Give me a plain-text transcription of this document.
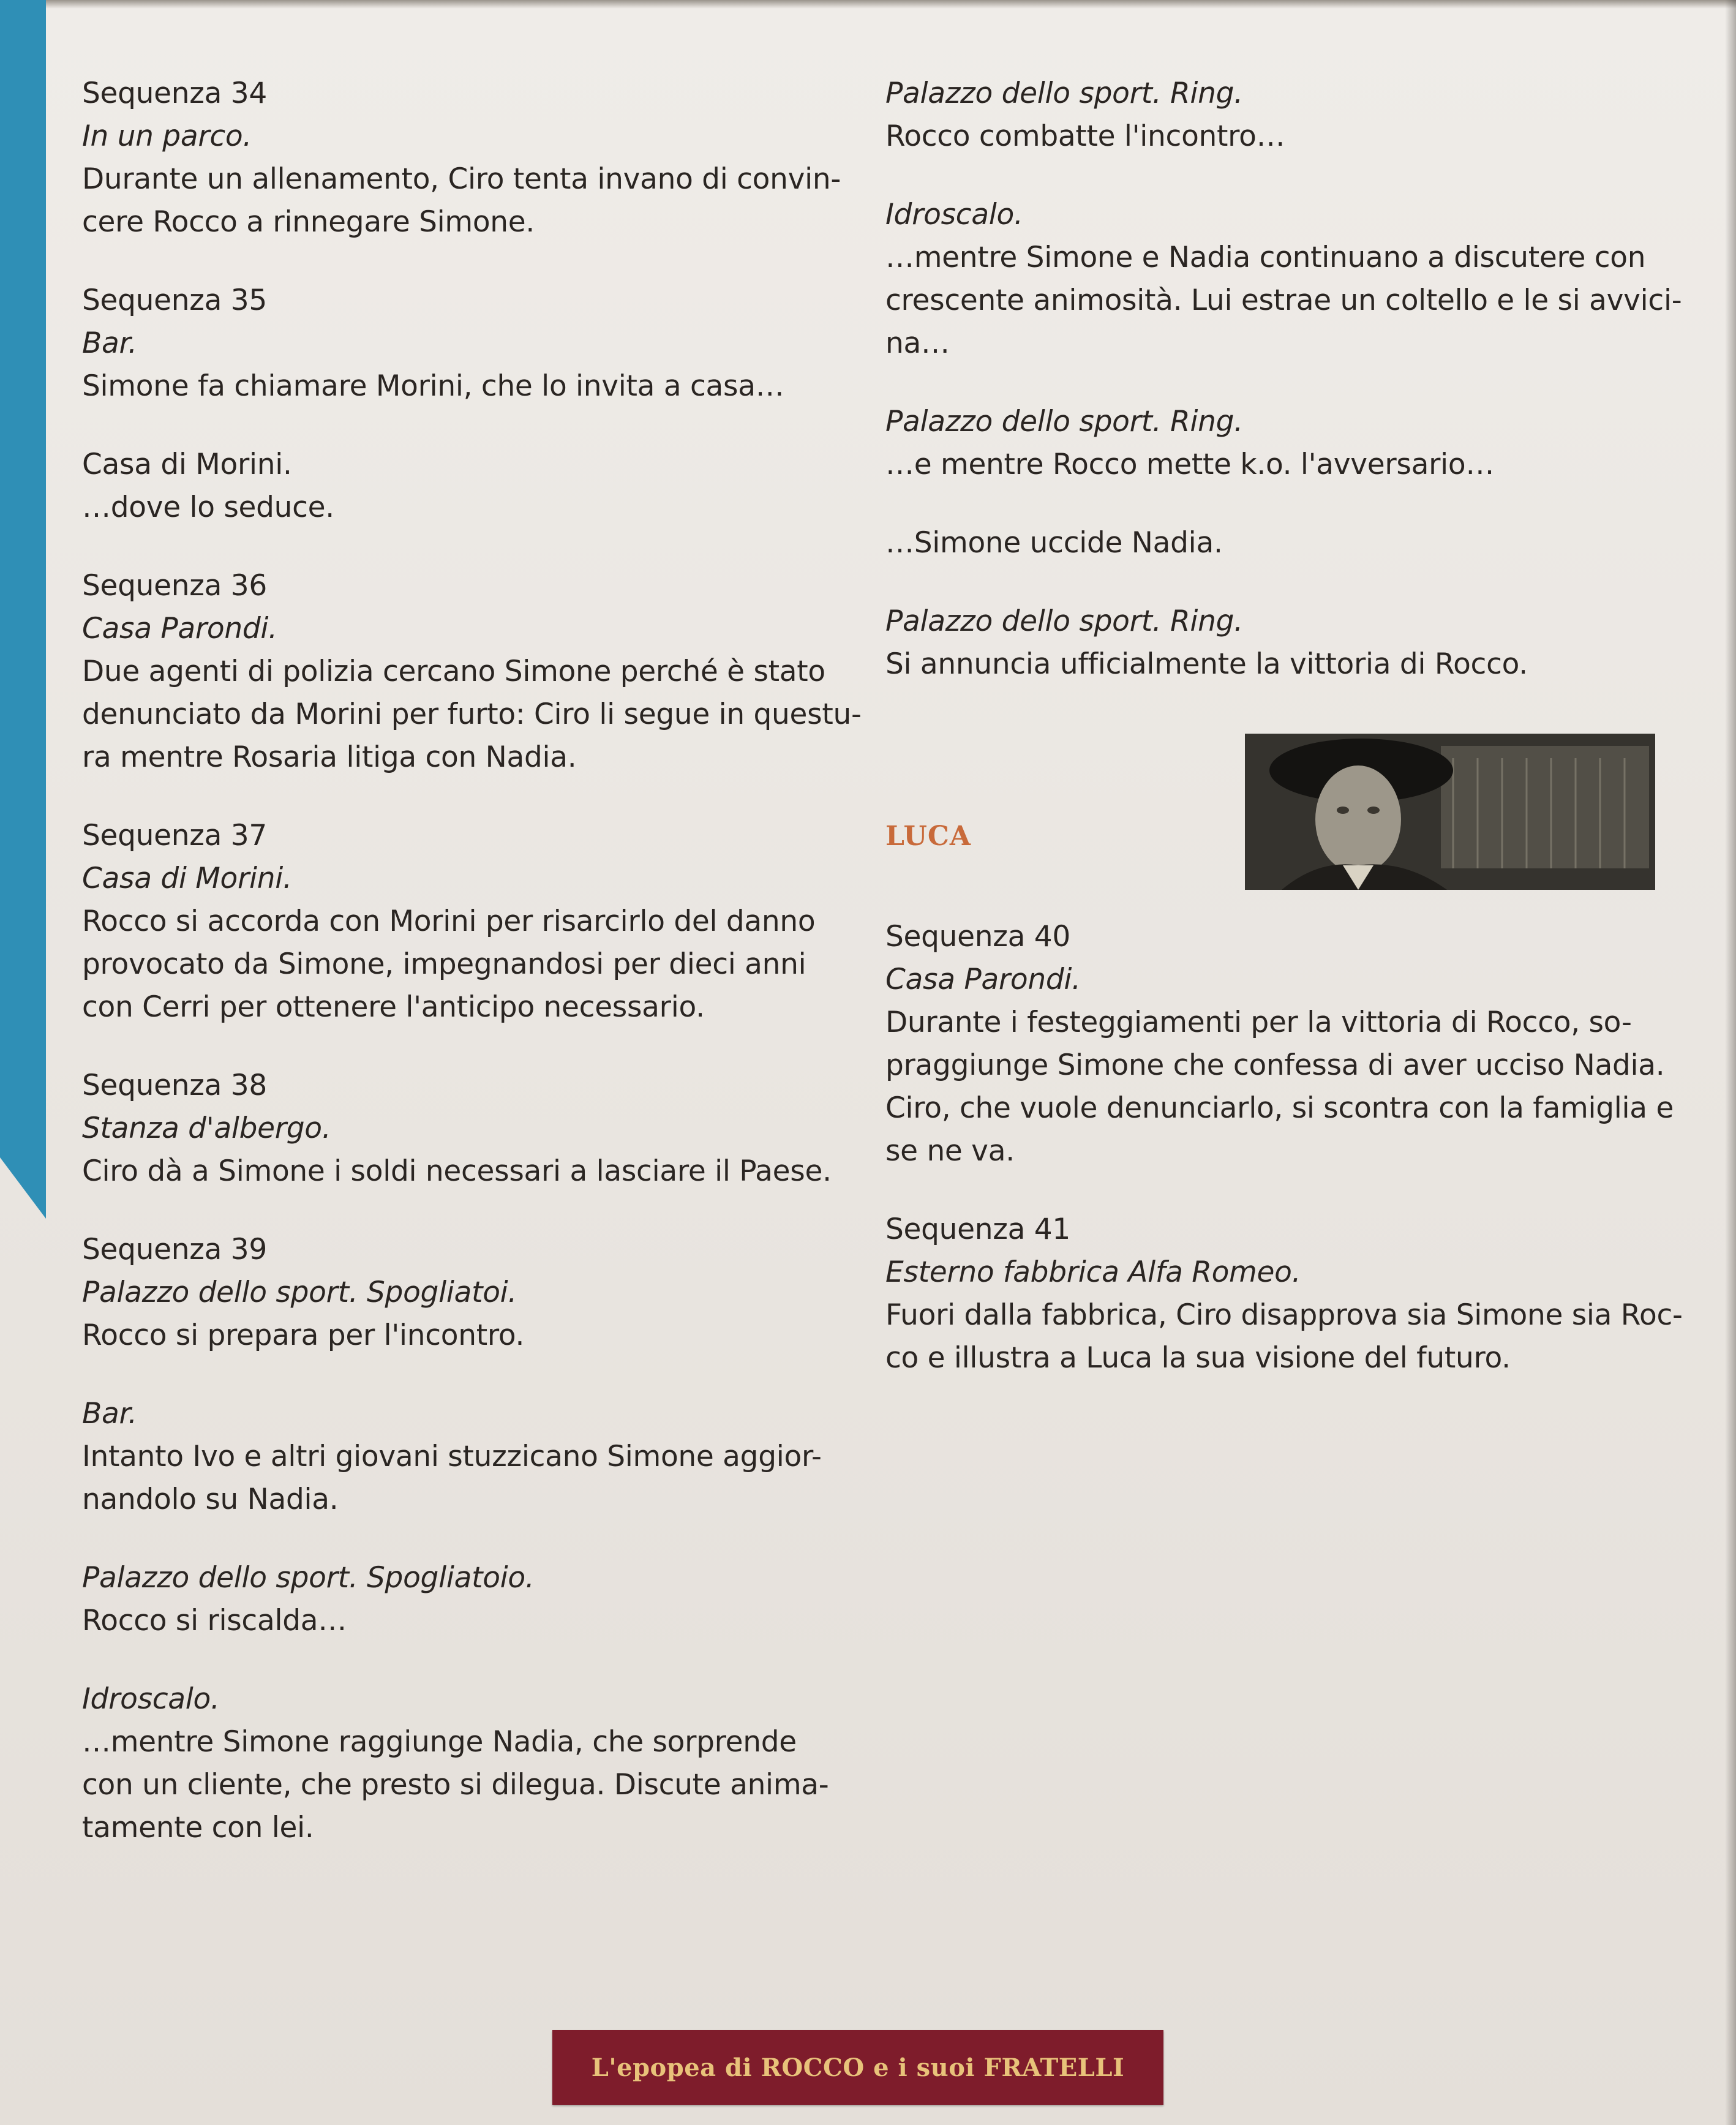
Sequenza 34
In un parco.
Durante un allenamento, Ciro tenta invano di convin-
cere Rocco a rinnegare Simone.
Sequenza 35
Bar.
Simone fa chiamare Morini, che lo invita a casa…
Casa di Morini.
…dove lo seduce.
Sequenza 36
Casa Parondi.
Due agenti di polizia cercano Simone perché è stato
denunciato da Morini per furto: Ciro li segue in questu-
ra mentre Rosaria litiga con Nadia.
Sequenza 37
Casa di Morini.
Rocco si accorda con Morini per risarcirlo del danno
provocato da Simone, impegnandosi per dieci anni
con Cerri per ottenere l'anticipo necessario.
Sequenza 38
Stanza d'albergo.
Ciro dà a Simone i soldi necessari a lasciare il Paese.
Sequenza 39
Palazzo dello sport. Spogliatoi.
Rocco si prepara per l'incontro.
Bar.
Intanto Ivo e altri giovani stuzzicano Simone aggior-
nandolo su Nadia.
Palazzo dello sport. Spogliatoio.
Rocco si riscalda…
Idroscalo.
…mentre Simone raggiunge Nadia, che sorprende
con un cliente, che presto si dilegua. Discute anima-
tamente con lei.
Palazzo dello sport. Ring.
Rocco combatte l'incontro…
Idroscalo.
…mentre Simone e Nadia continuano a discutere con
crescente animosità. Lui estrae un coltello e le si avvici-
na…
Palazzo dello sport. Ring.
…e mentre Rocco mette k.o. l'avversario…
…Simone uccide Nadia.
Palazzo dello sport. Ring.
Si annuncia ufficialmente la vittoria di Rocco.
LUCA
Sequenza 40
Casa Parondi.
Durante i festeggiamenti per la vittoria di Rocco, so-
praggiunge Simone che confessa di aver ucciso Nadia.
Ciro, che vuole denunciarlo, si scontra con la famiglia e
se ne va.
Sequenza 41
Esterno fabbrica Alfa Romeo.
Fuori dalla fabbrica, Ciro disapprova sia Simone sia Roc-
co e illustra a Luca la sua visione del futuro.
L'epopea di ROCCO e i suoi FRATELLI
